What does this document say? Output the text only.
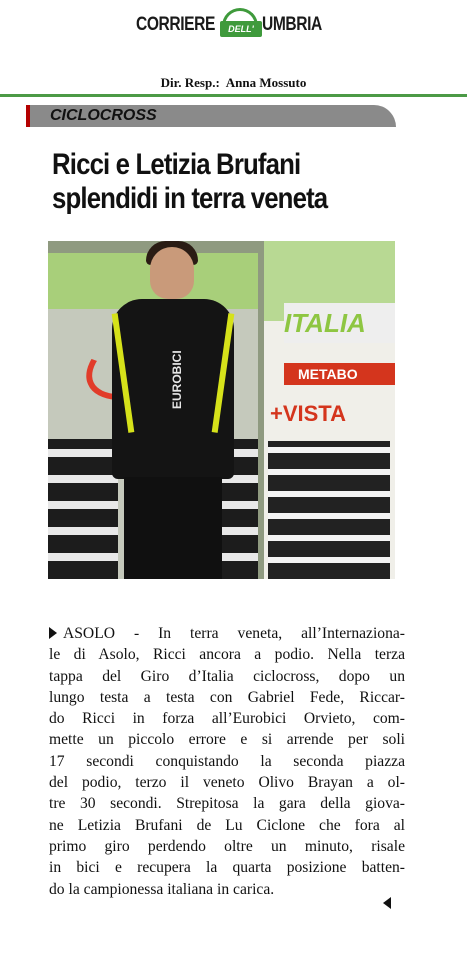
CORRIERE	DELL' UMBRIA
Dir. Resp.: Anna Mossuto
CICLOCROSS
Ricci e Letizia Brufani
splendidi in terra veneta
ITALIA
METABO
+VISTA
EUROBICI
ASOLO - In terra veneta, all’Internaziona-
le di Asolo, Ricci ancora a podio. Nella terza
tappa del Giro d’Italia ciclocross, dopo un
lungo testa a testa con Gabriel Fede, Riccar-
do Ricci in forza all’Eurobici Orvieto, com-
mette un piccolo errore e si arrende per soli
17 secondi conquistando la seconda piazza
del podio, terzo il veneto Olivo Brayan a ol-
tre 30 secondi. Strepitosa la gara della giova-
ne Letizia Brufani de Lu Ciclone che fora al
primo giro perdendo oltre un minuto, risale
in bici e recupera la quarta posizione batten-
do la campionessa italiana in carica.
